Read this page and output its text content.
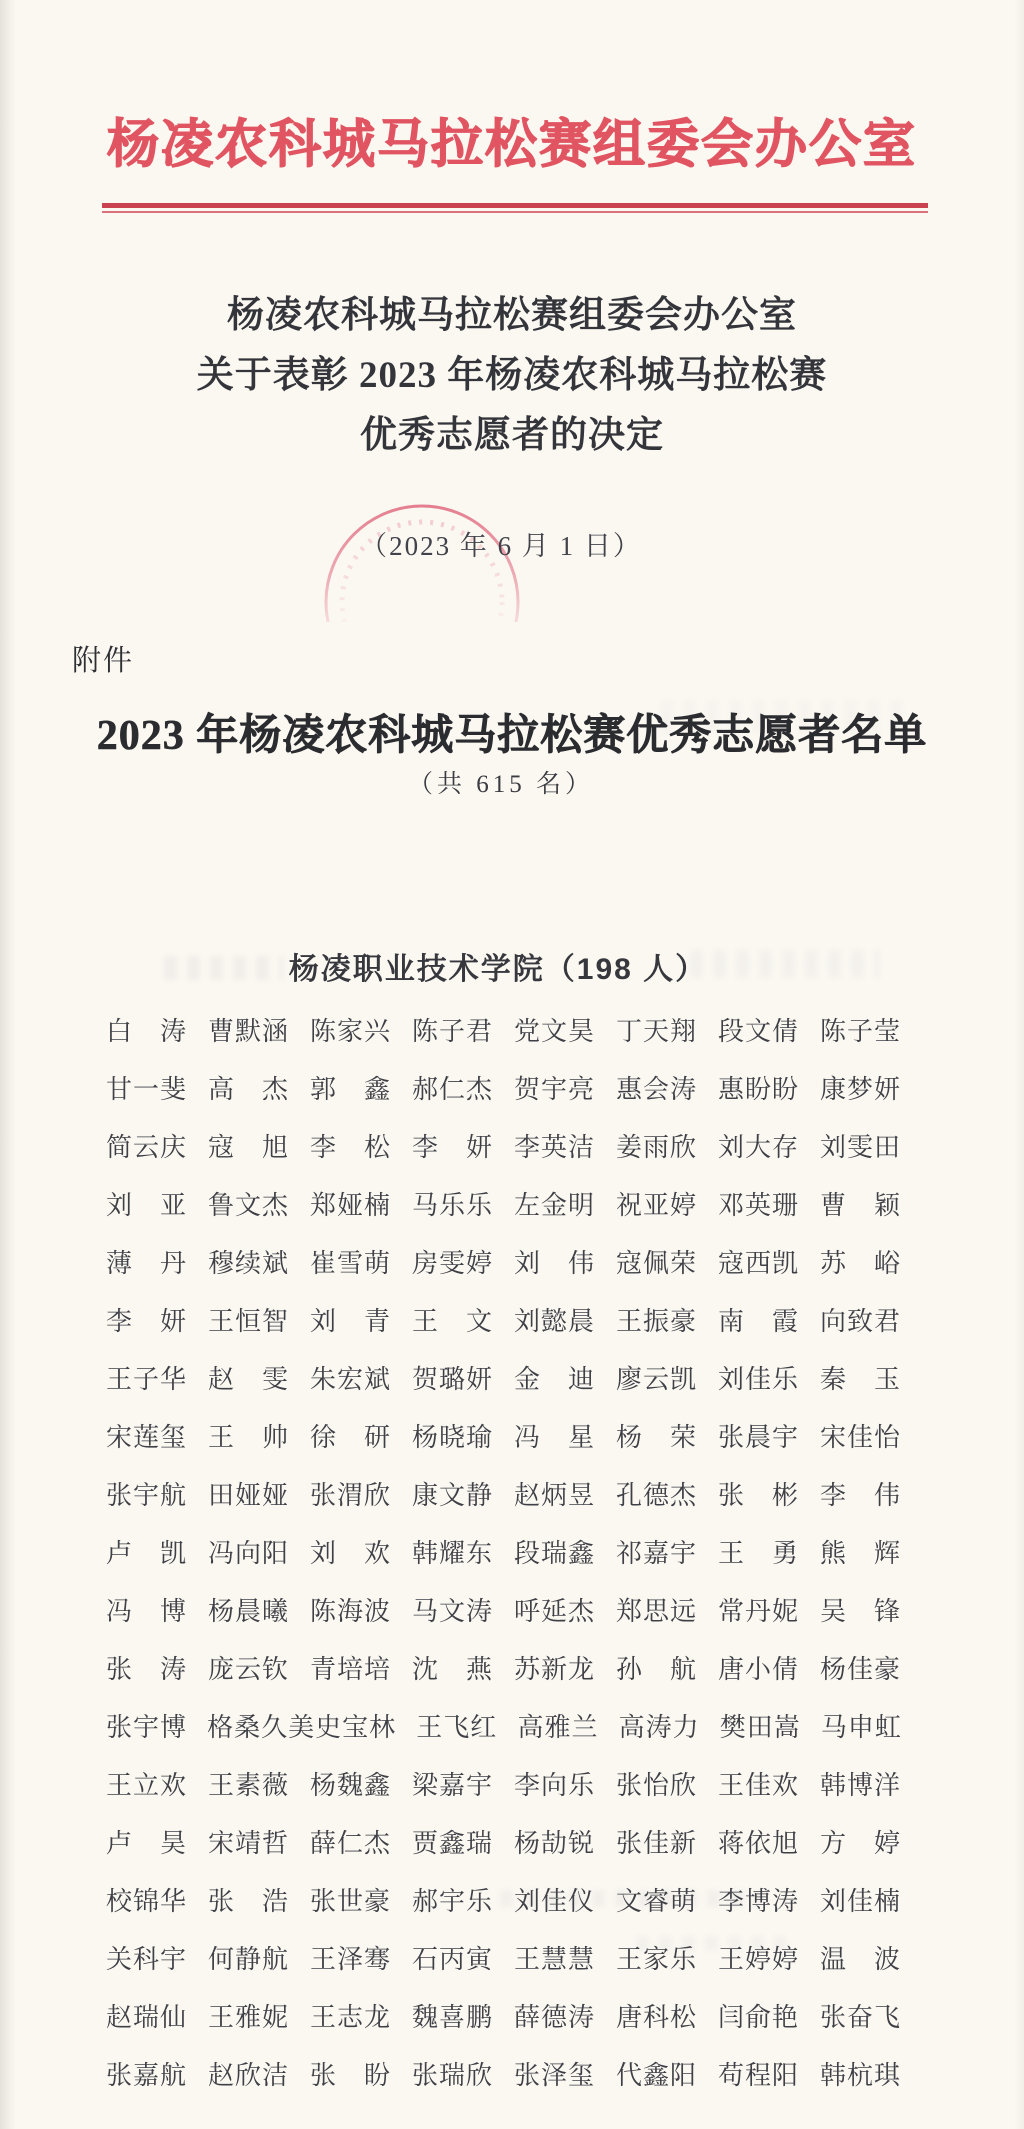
杨凌农科城马拉松赛组委会办公室
杨凌农科城马拉松赛组委会办公室
关于表彰 2023 年杨凌农科城马拉松赛
优秀志愿者的决定
（2023 年 6 月 1 日）
附件
2023 年杨凌农科城马拉松赛优秀志愿者名单
（共 615 名）
杨凌职业技术学院（198 人）
白　涛 曹默涵 陈家兴 陈子君 党文昊 丁天翔 段文倩 陈子莹
甘一斐 高　杰 郭　鑫 郝仁杰 贺宇亮 惠会涛 惠盼盼 康梦妍
简云庆 寇　旭 李　松 李　妍 李英洁 姜雨欣 刘大存 刘雯田
刘　亚 鲁文杰 郑娅楠 马乐乐 左金明 祝亚婷 邓英珊 曹　颖
薄　丹 穆续斌 崔雪萌 房雯婷 刘　伟 寇佩荣 寇西凯 苏　峪
李　妍 王恒智 刘　青 王　文 刘懿晨 王振豪 南　霞 向致君
王子华 赵　雯 朱宏斌 贺璐妍 金　迪 廖云凯 刘佳乐 秦　玉
宋莲玺 王　帅 徐　研 杨晓瑜 冯　星 杨　荣 张晨宇 宋佳怡
张宇航 田娅娅 张渭欣 康文静 赵炳昱 孔德杰 张　彬 李　伟
卢　凯 冯向阳 刘　欢 韩耀东 段瑞鑫 祁嘉宇 王　勇 熊　辉
冯　博 杨晨曦 陈海波 马文涛 呼延杰 郑思远 常丹妮 吴　锋
张　涛 庞云钦 青培培 沈　燕 苏新龙 孙　航 唐小倩 杨佳豪
张宇博 格桑久美 史宝林 王飞红 高雅兰 高涛力 樊田嵩 马申虹
王立欢 王素薇 杨魏鑫 梁嘉宇 李向乐 张怡欣 王佳欢 韩博洋
卢　昊 宋靖哲 薛仁杰 贾鑫瑞 杨劼锐 张佳新 蒋依旭 方　婷
校锦华 张　浩 张世豪 郝宇乐 刘佳仪 文睿萌 李博涛 刘佳楠
关科宇 何静航 王泽骞 石丙寅 王慧慧 王家乐 王婷婷 温　波
赵瑞仙 王雅妮 王志龙 魏喜鹏 薛德涛 唐科松 闫俞艳 张奋飞
张嘉航 赵欣洁 张　盼 张瑞欣 张泽玺 代鑫阳 苟程阳 韩杭琪
